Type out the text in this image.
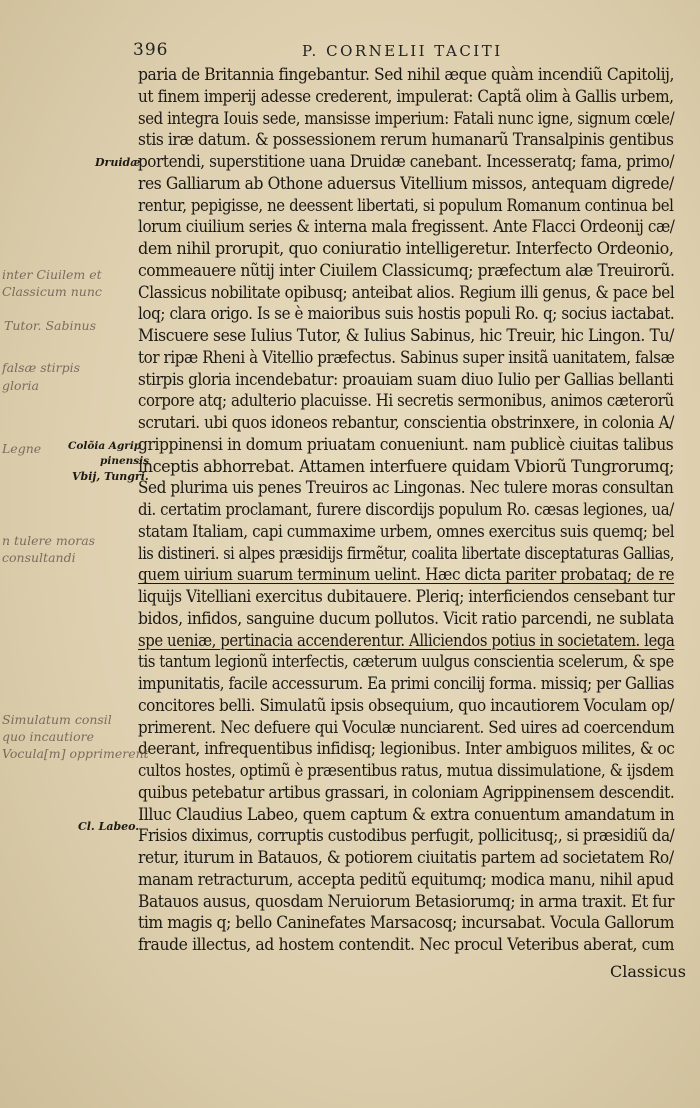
396	P. CORNELII TACITI
paria de Britannia fingebantur. Sed nihil æque quàm incendiũ Capitolij,
ut finem imperij adesse crederent, impulerat: Captã olim à Gallis urbem,
sed integra Iouis sede, mansisse imperium: Fatali nunc igne, signum cœle/
stis iræ datum. & possessionem rerum humanarũ Transalpinis gentibus
portendi, superstitione uana Druidæ canebant. Incesseratq; fama, primo/
res Galliarum ab Othone aduersus Vitellium missos, antequam digrede/
rentur, pepigisse, ne deessent libertati, si populum Romanum continua bel
lorum ciuilium series & interna mala fregissent. Ante Flacci Ordeonij cæ/
dem nihil prorupit, quo coniuratio intelligeretur. Interfecto Ordeonio,
commeauere nũtij inter Ciuilem Classicumq; præfectum alæ Treuirorũ.
Classicus nobilitate opibusq; anteibat alios. Regium illi genus, & pace bel
loq; clara origo. Is se è maioribus suis hostis populi Ro. q; socius iactabat.
Miscuere sese Iulius Tutor, & Iulius Sabinus, hic Treuir, hic Lingon. Tu/
tor ripæ Rheni à Vitellio præfectus. Sabinus super insitã uanitatem, falsæ
stirpis gloria incendebatur: proauiam suam diuo Iulio per Gallias bellanti
corpore atq; adulterio placuisse. Hi secretis sermonibus, animos cæterorũ
scrutari. ubi quos idoneos rebantur, conscientia obstrinxere, in colonia A/
grippinensi in domum priuatam conueniunt. nam publicè ciuitas talibus
inceptis abhorrebat. Attamen interfuere quidam Vbiorũ Tungrorumq;
Sed plurima uis penes Treuiros ac Lingonas. Nec tulere moras consultan
di. certatim proclamant, furere discordijs populum Ro. cæsas legiones, ua/
statam Italiam, capi cummaxime urbem, omnes exercitus suis quemq; bel
lis distineri. si alpes præsidijs firmẽtur, coalita libertate disceptaturas Gallias,
quem uirium suarum terminum uelint. Hæc dicta pariter probataq; de re
liquijs Vitelliani exercitus dubitauere. Pleriq; interficiendos censebant tur
bidos, infidos, sanguine ducum pollutos. Vicit ratio parcendi, ne sublata
spe ueniæ, pertinacia accenderentur. Alliciendos potius in societatem. lega
tis tantum legionũ interfectis, cæterum uulgus conscientia scelerum, & spe
impunitatis, facile accessurum. Ea primi concilij forma. missiq; per Gallias
concitores belli. Simulatũ ipsis obsequium, quo incautiorem Voculam op/
primerent. Nec defuere qui Voculæ nunciarent. Sed uires ad coercendum
deerant, infrequentibus infidisq; legionibus. Inter ambiguos milites, & oc
cultos hostes, optimũ è præsentibus ratus, mutua dissimulatione, & ijsdem
quibus petebatur artibus grassari, in coloniam Agrippinensem descendit.
Illuc Claudius Labeo, quem captum & extra conuentum amandatum in
Frisios diximus, corruptis custodibus perfugit, pollicitusq;, si præsidiũ da/
retur, iturum in Batauos, & potiorem ciuitatis partem ad societatem Ro/
manam retracturum, accepta peditũ equitumq; modica manu, nihil apud
Batauos ausus, quosdam Neruiorum Betasiorumq; in arma traxit. Et fur
tim magis q; bello Caninefates Marsacosq; incursabat. Vocula Gallorum
fraude illectus, ad hostem contendit. Nec procul Veteribus aberat, cum
Druidæ
Colõia Agrip
pinensis
Vbij, Tungri.
Cl. Labeo.
inter Ciuilem et
Classicum nunc
Tutor. Sabinus
falsæ stirpis
gloria
Legne
n tulere moras
consultandi
Simulatum consil
quo incautiore
Vocula[m] opprimerent
Classicus
